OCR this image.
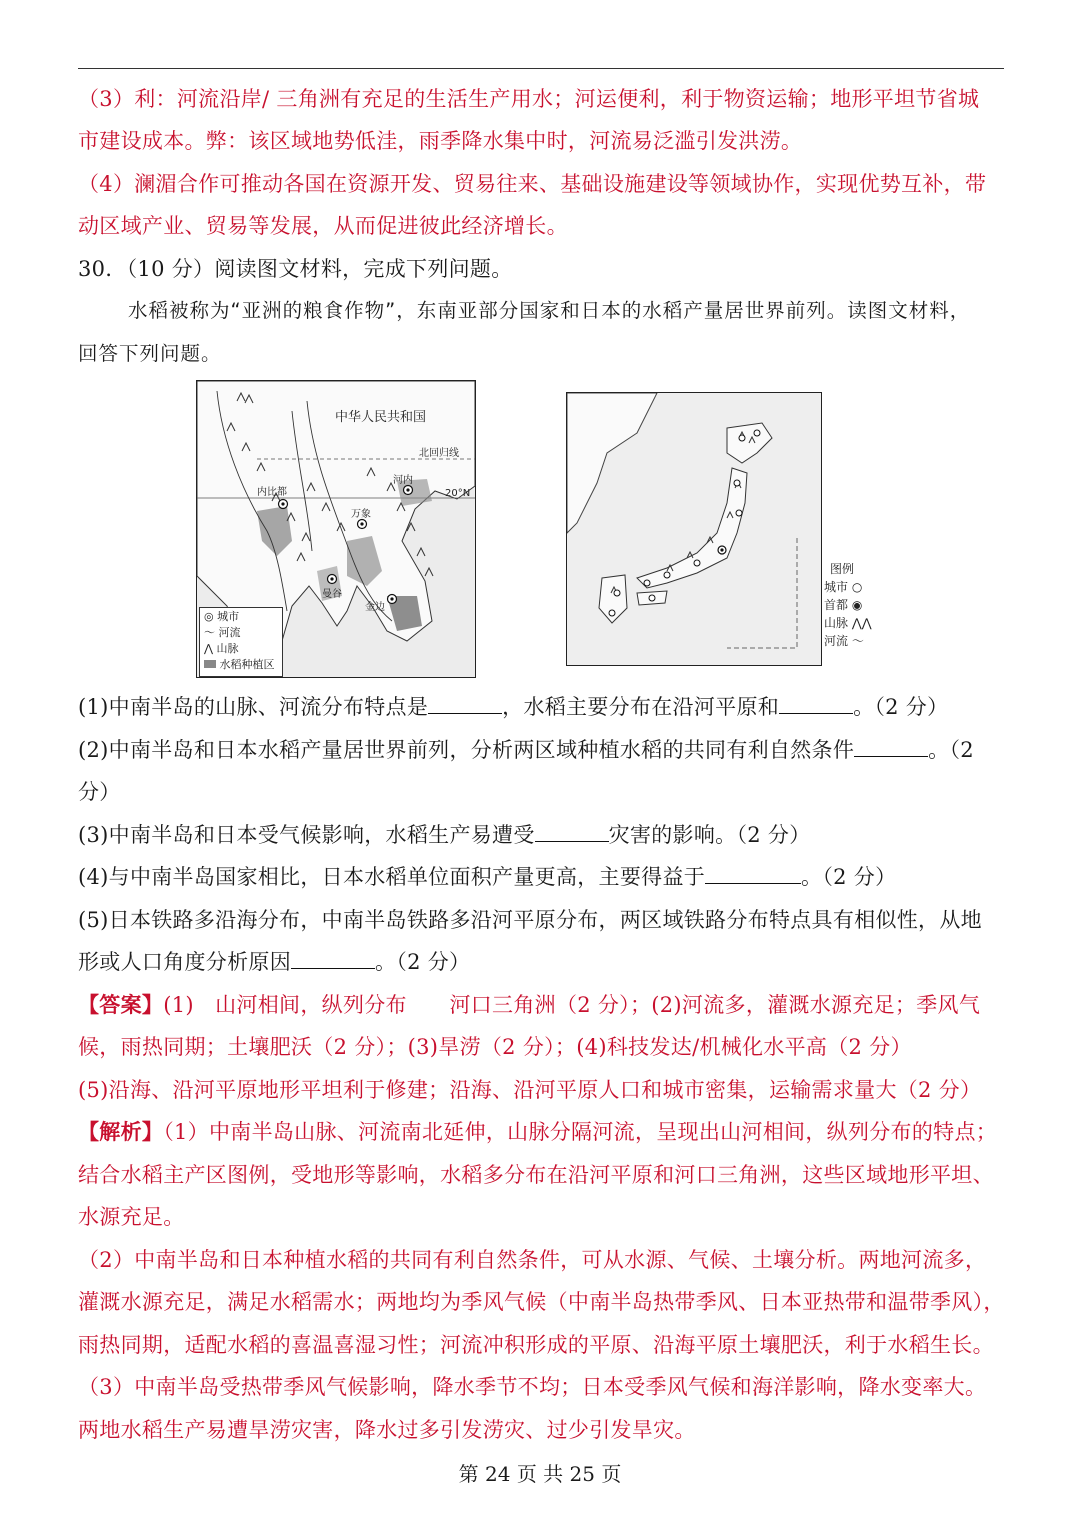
（3）利：河流沿岸/ 三角洲有充足的生活生产用水；河运便利，利于物资运输；地形平坦节省城
市建设成本。弊：该区域地势低洼，雨季降水集中时，河流易泛滥引发洪涝。
（4）澜湄合作可推动各国在资源开发、贸易往来、基础设施建设等领域协作，实现优势互补，带
动区域产业、贸易等发展，从而促进彼此经济增长。
30．（10 分）阅读图文材料，完成下列问题。
水稻被称为“亚洲的粮食作物”，东南亚部分国家和日本的水稻产量居世界前列。读图文材料，
回答下列问题。
中华人民共和国
北回归线
20°N
内比都
河内
万象
曼谷
金边
◎ 城市
〜 河流
⋀ 山脉
水稻种植区
图例
城市 ○
首都 ◉
山脉 ⋀⋀
河流 〜
(1)中南半岛的山脉、河流分布特点是	，水稻主要分布在沿河平原和	。（2 分）
(2)中南半岛和日本水稻产量居世界前列，分析两区域种植水稻的共同有利自然条件	。（2
分）
(3)中南半岛和日本受气候影响，水稻生产易遭受	灾害的影响。（2 分）
(4)与中南半岛国家相比，日本水稻单位面积产量更高，主要得益于	。（2 分）
(5)日本铁路多沿海分布，中南半岛铁路多沿河平原分布，两区域铁路分布特点具有相似性，从地
形或人口角度分析原因	。（2 分）
【答案】(1)　山河相间，纵列分布　　河口三角洲（2 分）；(2)河流多，灌溉水源充足；季风气
候，雨热同期；土壤肥沃（2 分）；(3)旱涝（2 分）；(4)科技发达/机械化水平高（2 分）
(5)沿海、沿河平原地形平坦利于修建；沿海、沿河平原人口和城市密集，运输需求量大（2 分）
【解析】（1）中南半岛山脉、河流南北延伸，山脉分隔河流，呈现出山河相间，纵列分布的特点；
结合水稻主产区图例，受地形等影响，水稻多分布在沿河平原和河口三角洲，这些区域地形平坦、
水源充足。
（2）中南半岛和日本种植水稻的共同有利自然条件，可从水源、气候、土壤分析。两地河流多，
灌溉水源充足，满足水稻需水；两地均为季风气候（中南半岛热带季风、日本亚热带和温带季风），
雨热同期，适配水稻的喜温喜湿习性；河流冲积形成的平原、沿海平原土壤肥沃，利于水稻生长。
（3）中南半岛受热带季风气候影响，降水季节不均；日本受季风气候和海洋影响，降水变率大。
两地水稻生产易遭旱涝灾害，降水过多引发涝灾、过少引发旱灾。
第 24 页 共 25 页
